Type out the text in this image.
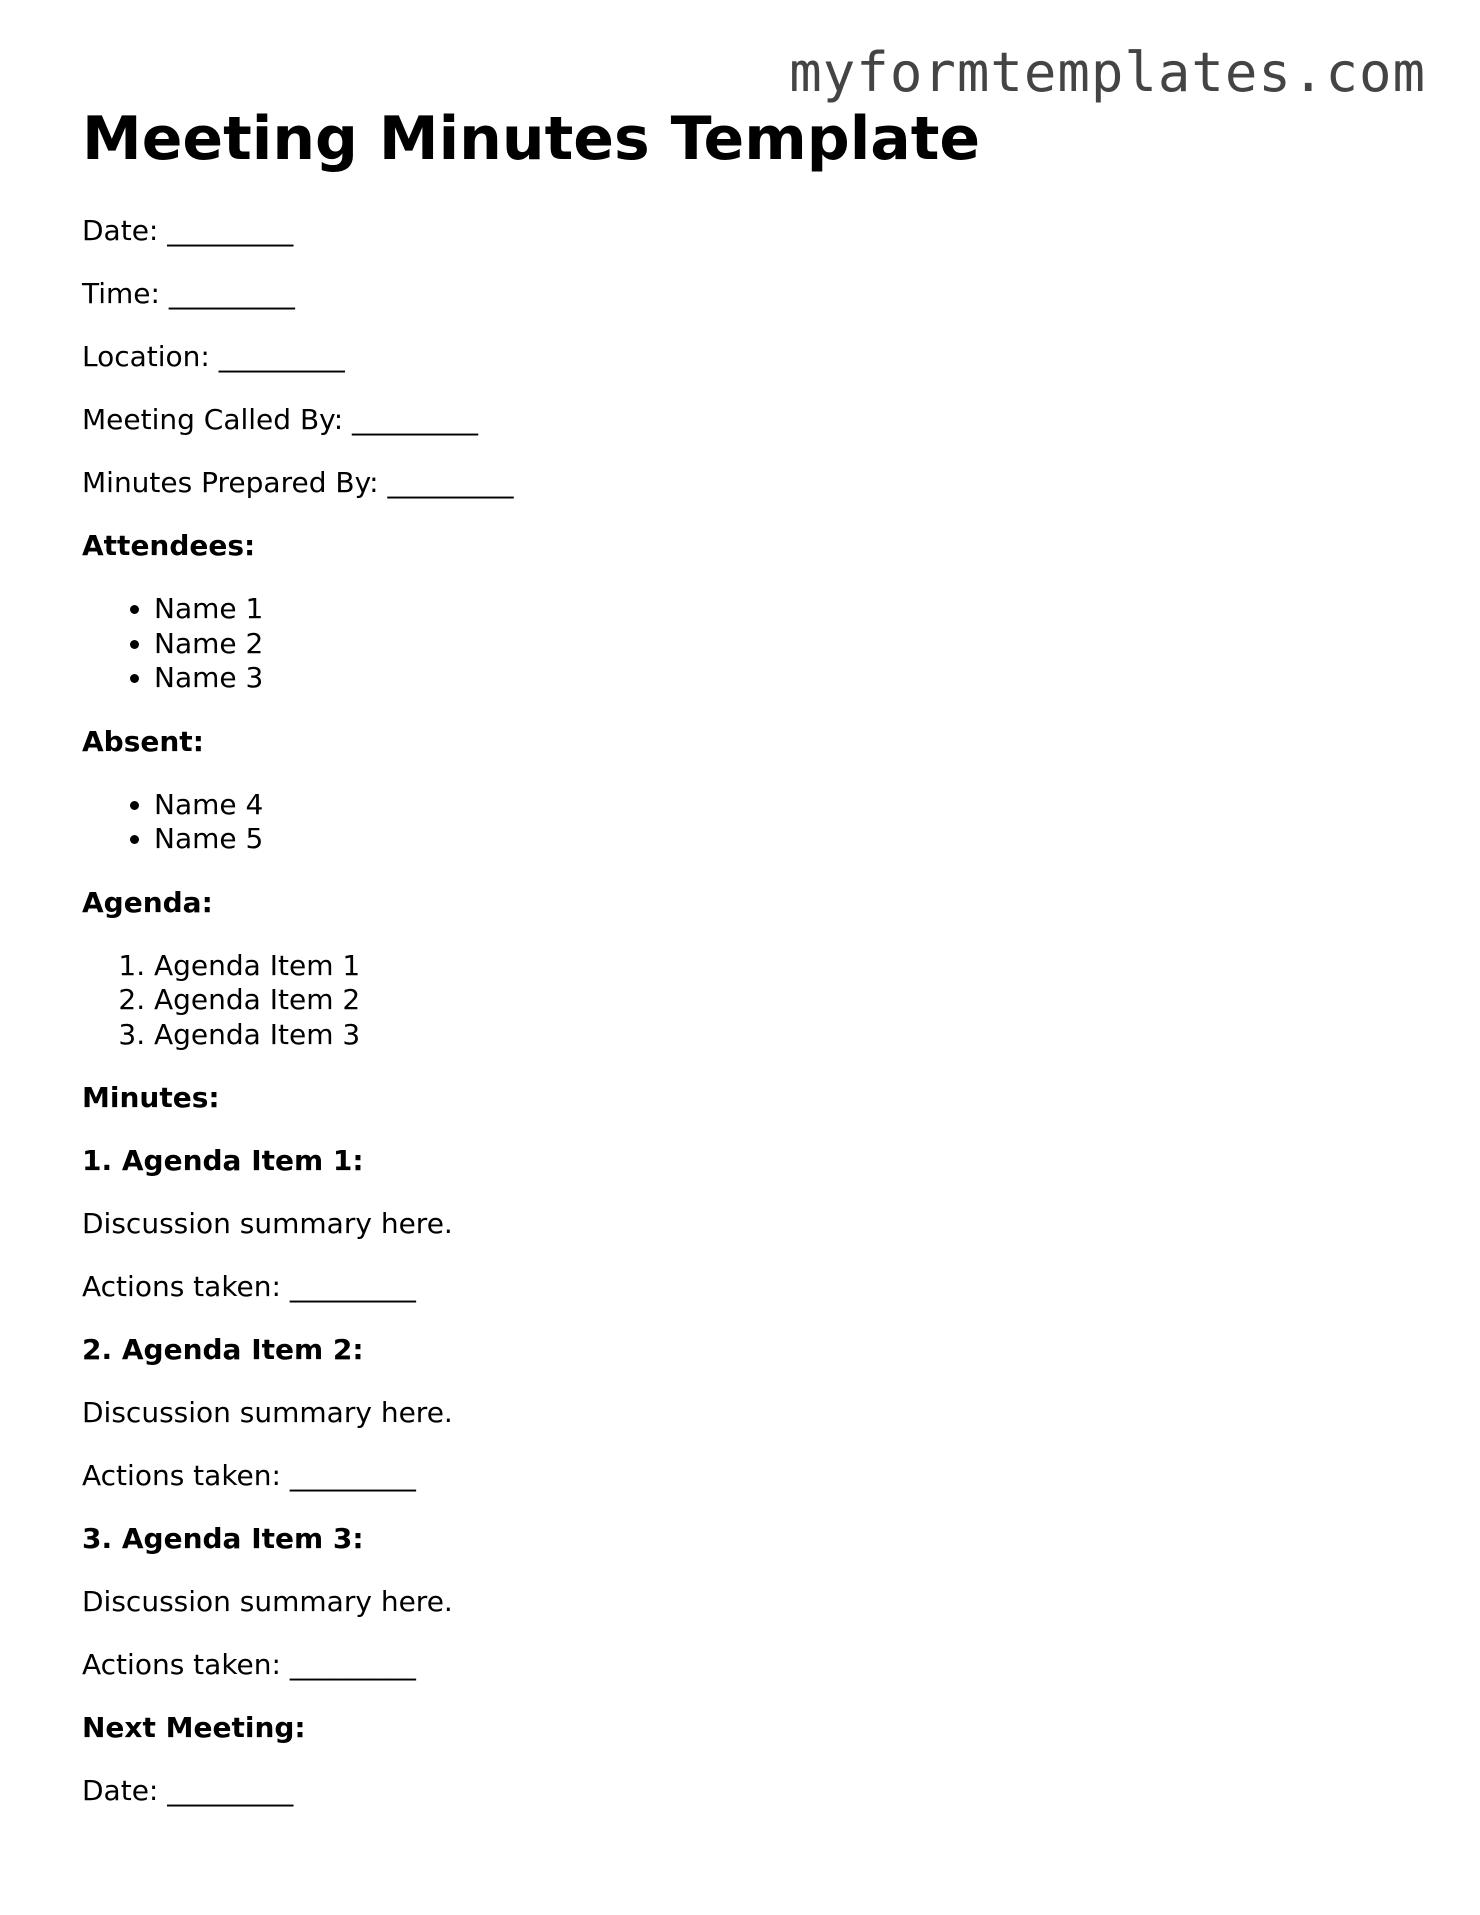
myformtemplates.com
Meeting Minutes Template

Date: _________

Time: _________

Location: _________

Meeting Called By: _________

Minutes Prepared By: _________

Attendees:

• Name 1
• Name 2
• Name 3

Absent:

• Name 4
• Name 5

Agenda:

1. Agenda Item 1
2. Agenda Item 2
3. Agenda Item 3

Minutes:

1. Agenda Item 1:

Discussion summary here.

Actions taken: _________

2. Agenda Item 2:

Discussion summary here.

Actions taken: _________

3. Agenda Item 3:

Discussion summary here.

Actions taken: _________

Next Meeting:

Date: _________
